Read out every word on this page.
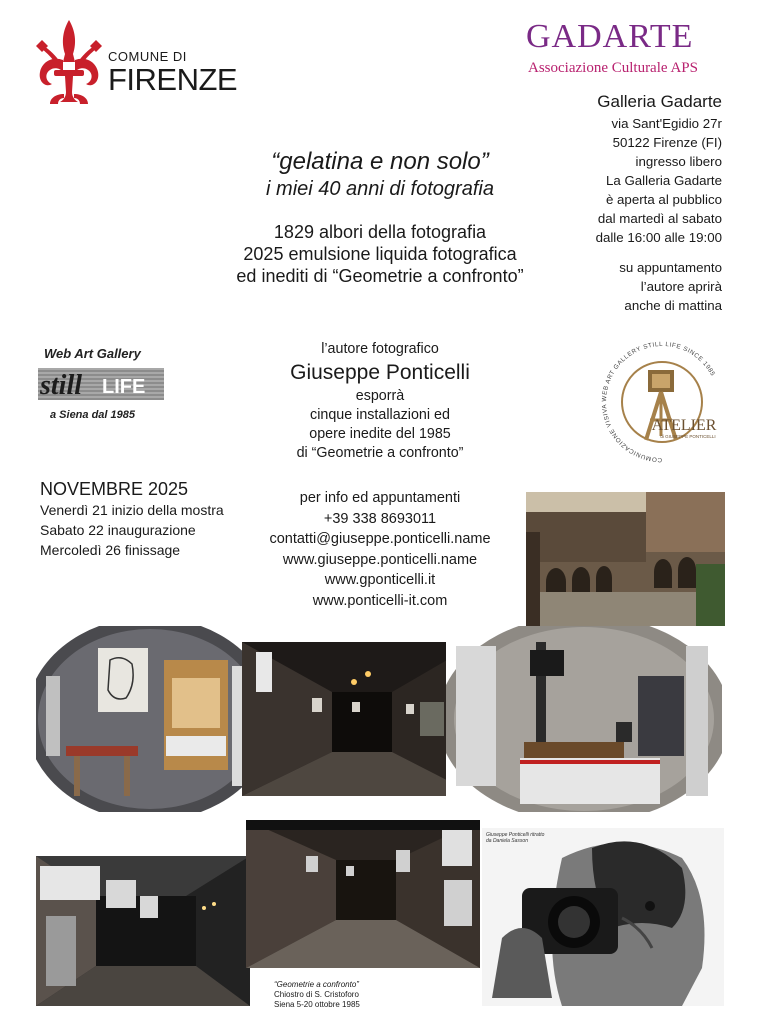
COMUNE DI
FIRENZE
GADARTE
Associazione Culturale APS
Galleria Gadarte
via Sant'Egidio 27r
50122 Firenze (FI)
ingresso libero
La Galleria Gadarte
è aperta al pubblico
dal martedì al sabato
dalle 16:00 alle 19:00
su appuntamento
l’autore aprirà
anche di mattina
“gelatina e non solo”
i miei 40 anni di fotografia
1829 albori della fotografia
2025 emulsione liquida fotografica
ed inediti di “Geometrie a confronto”
Web Art Gallery
still LIFE
a Siena dal 1985
COMUNICAZIONE VISIVA WEB ART GALLERY STILL LIFE SINCE 1985
ATELIER
di GIUSEPPE PONTICELLI
l’autore fotografico
Giuseppe Ponticelli
esporrà
cinque installazioni ed
opere inedite del 1985
di “Geometrie a confronto”
NOVEMBRE 2025
Venerdì 21 inizio della mostra
Sabato 22 inaugurazione
Mercoledì 26 finissage
per info ed appuntamenti
+39 338 8693011
contatti@giuseppe.ponticelli.name
www.giuseppe.ponticelli.name
www.gponticelli.it
www.ponticelli-it.com
“Geometrie a confronto”
Chiostro di S. Cristoforo
Siena 5-20 ottobre 1985
Giuseppe Ponticelli ritratto
da Daniela Sasson
